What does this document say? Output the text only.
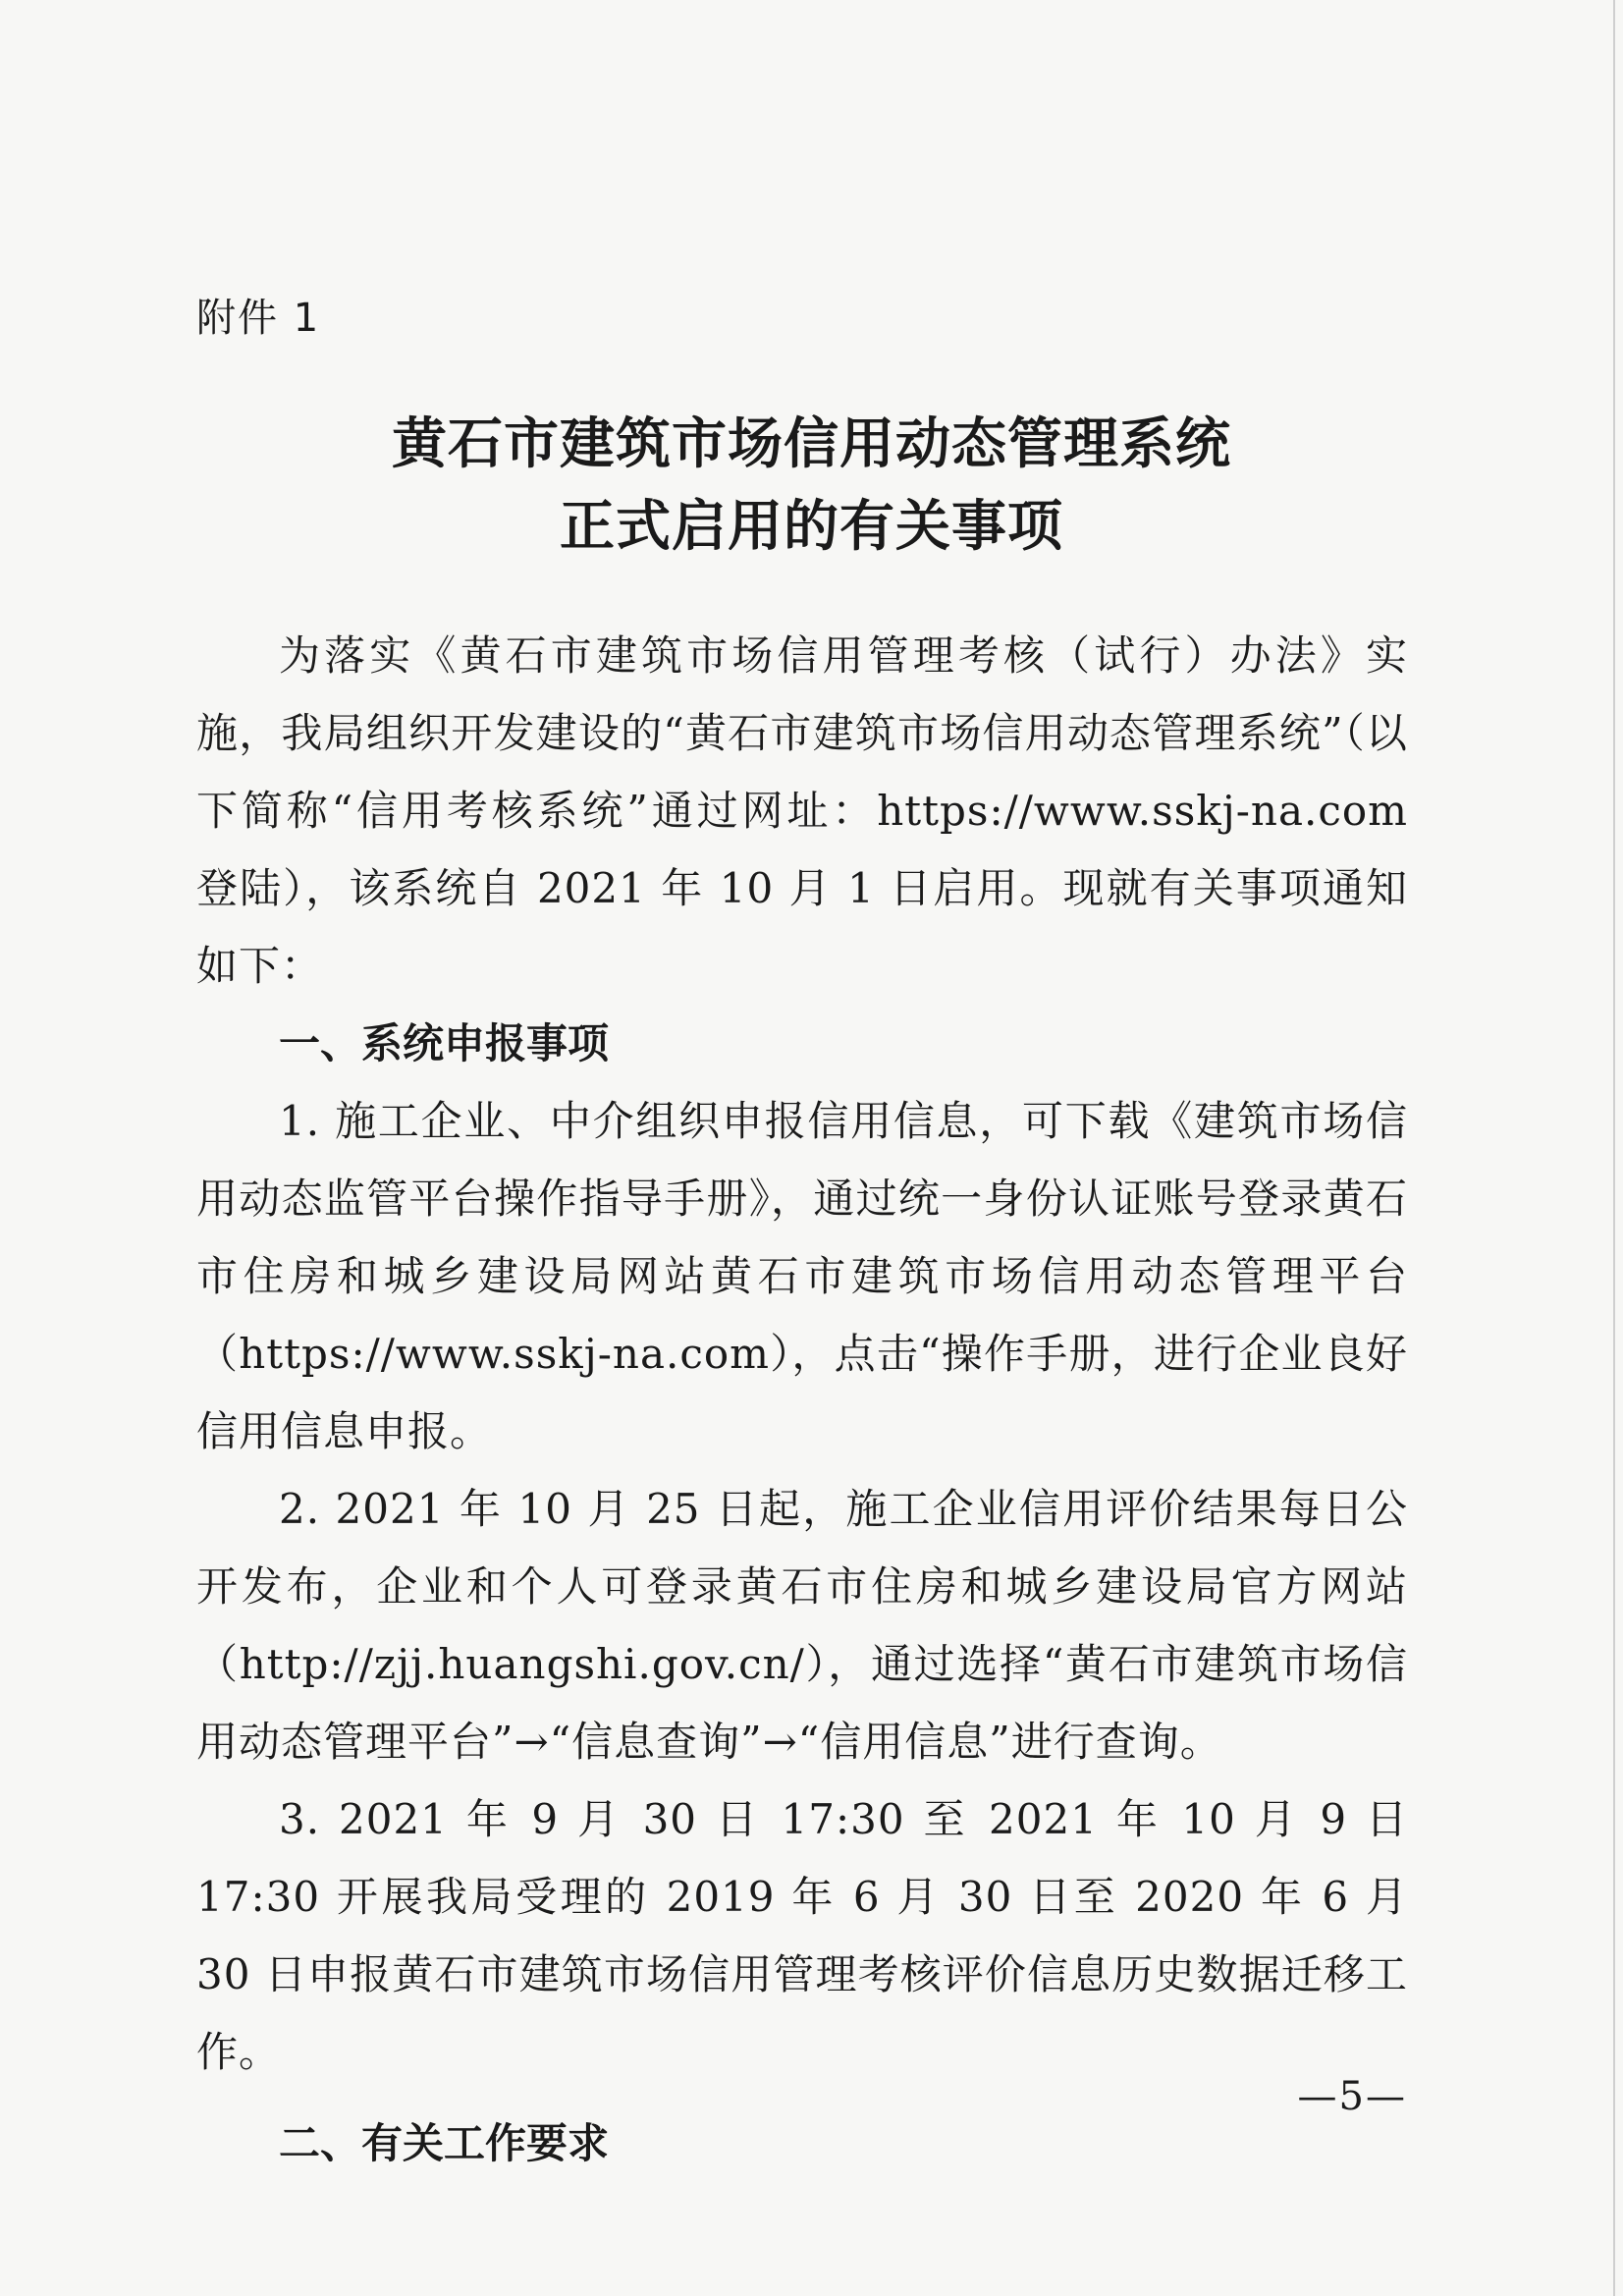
附件 1
黄石市建筑市场信用动态管理系统
正式启用的有关事项

为落实《黄石市建筑市场信用管理考核（试行）办法》实施，我局组织开发建设的“黄石市建筑市场信用动态管理系统”（以下简称“信用考核系统”通过网址：https://www.sskj-na.com 登陆），该系统自 2021 年 10 月 1 日启用。现就有关事项通知如下：

一、系统申报事项

1. 施工企业、中介组织申报信用信息，可下载《建筑市场信用动态监管平台操作指导手册》，通过统一身份认证账号登录黄石市住房和城乡建设局网站黄石市建筑市场信用动态管理平台（https://www.sskj-na.com），点击“操作手册，进行企业良好信用信息申报。

2. 2021 年 10 月 25 日起，施工企业信用评价结果每日公开发布，企业和个人可登录黄石市住房和城乡建设局官方网站（http://zjj.huangshi.gov.cn/），通过选择“黄石市建筑市场信用动态管理平台”→“信息查询”→“信用信息”进行查询。

3. 2021 年 9 月 30 日 17:30 至 2021 年 10 月 9 日 17:30 开展我局受理的 2019 年 6 月 30 日至 2020 年 6 月 30 日申报黄石市建筑市场信用管理考核评价信息历史数据迁移工作。

二、有关工作要求
—5—
